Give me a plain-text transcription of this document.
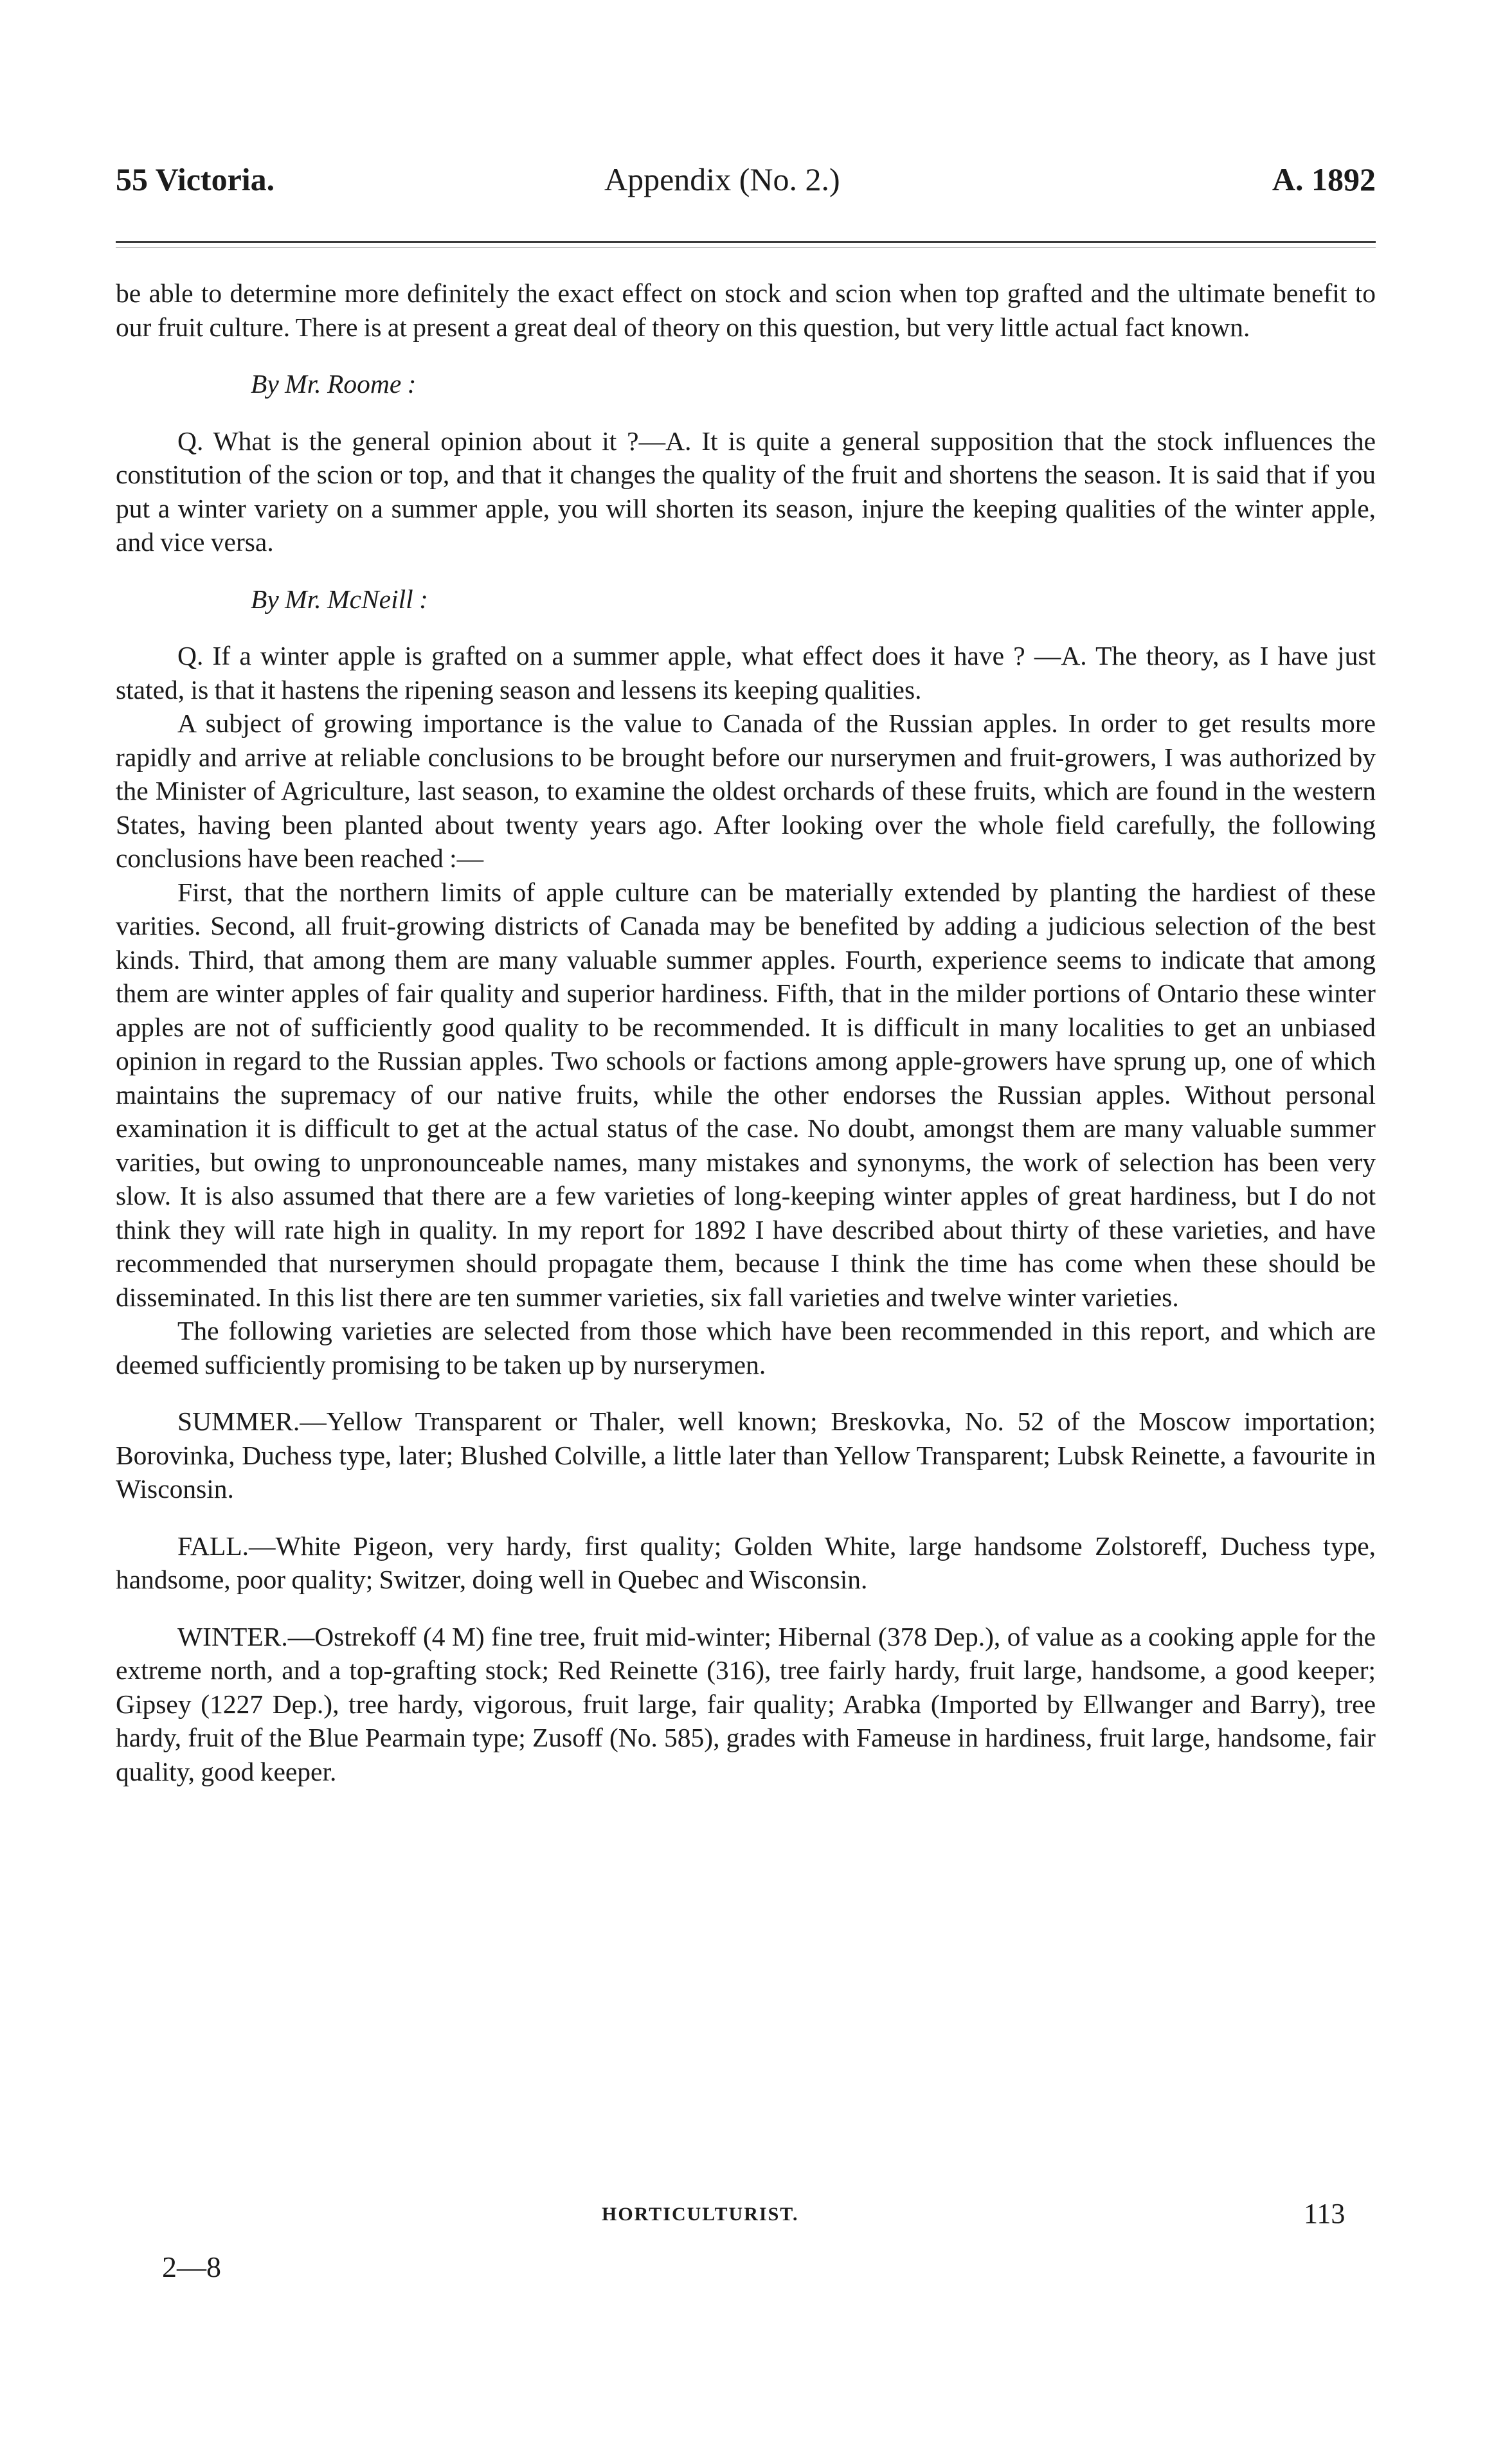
55 Victoria.	Appendix (No. 2.)	A. 1892

be able to determine more definitely the exact effect on stock and scion when top grafted and the ultimate benefit to our fruit culture. There is at present a great deal of theory on this question, but very little actual fact known.

By Mr. Roome :

Q. What is the general opinion about it ?—A. It is quite a general supposition that the stock influences the constitution of the scion or top, and that it changes the quality of the fruit and shortens the season. It is said that if you put a winter variety on a summer apple, you will shorten its season, injure the keeping qualities of the winter apple, and vice versa.

By Mr. McNeill :

Q. If a winter apple is grafted on a summer apple, what effect does it have ? —A. The theory, as I have just stated, is that it hastens the ripening season and lessens its keeping qualities.

A subject of growing importance is the value to Canada of the Russian apples. In order to get results more rapidly and arrive at reliable conclusions to be brought before our nurserymen and fruit-growers, I was authorized by the Minister of Agriculture, last season, to examine the oldest orchards of these fruits, which are found in the western States, having been planted about twenty years ago. After looking over the whole field carefully, the following conclusions have been reached :—

First, that the northern limits of apple culture can be materially extended by planting the hardiest of these varities. Second, all fruit-growing districts of Canada may be benefited by adding a judicious selection of the best kinds. Third, that among them are many valuable summer apples. Fourth, experience seems to indicate that among them are winter apples of fair quality and superior hardiness. Fifth, that in the milder portions of Ontario these winter apples are not of sufficiently good quality to be recommended. It is difficult in many localities to get an unbiased opinion in regard to the Russian apples. Two schools or factions among apple-growers have sprung up, one of which maintains the supremacy of our native fruits, while the other endorses the Russian apples. Without personal examination it is difficult to get at the actual status of the case. No doubt, amongst them are many valuable summer varities, but owing to unpronounceable names, many mistakes and synonyms, the work of selection has been very slow. It is also assumed that there are a few varieties of long-keeping winter apples of great hardiness, but I do not think they will rate high in quality. In my report for 1892 I have described about thirty of these varieties, and have recommended that nurserymen should propagate them, because I think the time has come when these should be disseminated. In this list there are ten summer varieties, six fall varieties and twelve winter varieties.

The following varieties are selected from those which have been recommended in this report, and which are deemed sufficiently promising to be taken up by nurserymen.

SUMMER.—Yellow Transparent or Thaler, well known; Breskovka, No. 52 of the Moscow importation; Borovinka, Duchess type, later; Blushed Colville, a little later than Yellow Transparent; Lubsk Reinette, a favourite in Wisconsin.

FALL.—White Pigeon, very hardy, first quality; Golden White, large handsome Zolstoreff, Duchess type, handsome, poor quality; Switzer, doing well in Quebec and Wisconsin.

WINTER.—Ostrekoff (4 M) fine tree, fruit mid-winter; Hibernal (378 Dep.), of value as a cooking apple for the extreme north, and a top-grafting stock; Red Reinette (316), tree fairly hardy, fruit large, handsome, a good keeper; Gipsey (1227 Dep.), tree hardy, vigorous, fruit large, fair quality; Arabka (Imported by Ellwanger and Barry), tree hardy, fruit of the Blue Pearmain type; Zusoff (No. 585), grades with Fameuse in hardiness, fruit large, handsome, fair quality, good keeper.

HORTICULTURIST.	113
2—8
